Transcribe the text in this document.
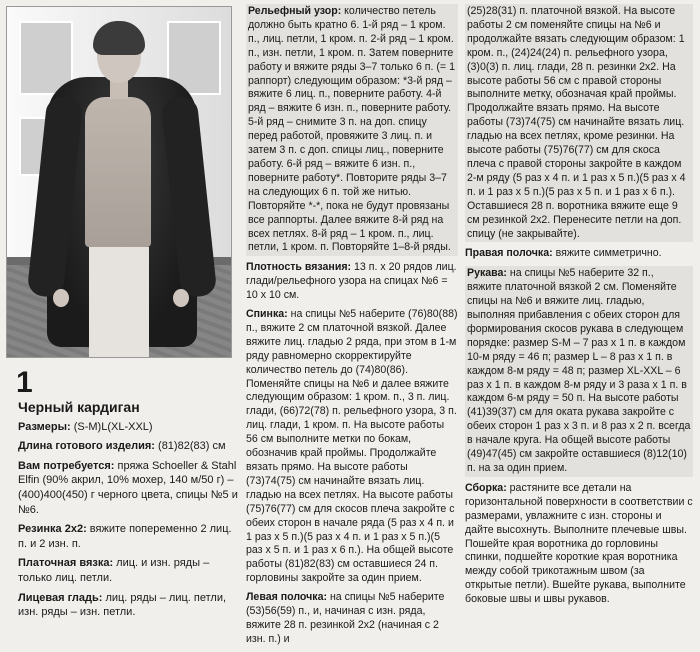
1
Черный кардиган
Размеры: (S-M)L(XL-XXL)
Длина готового изделия: (81)82(83) см
Вам потребуется: пряжа Schoeller & Stahl Elfin (90% акрил, 10% мохер, 140 м/50 г) – (400)400(450) г черного цвета, спицы №5 и №6.
Резинка 2х2: вяжите попеременно 2 лиц. п. и 2 изн. п.
Платочная вязка: лиц. и изн. ряды – только лиц. петли.
Лицевая гладь: лиц. ряды – лиц. петли, изн. ряды – изн. петли.
Рельефный узор: количество петель должно быть кратно 6. 1-й ряд – 1 кром. п., лиц. петли, 1 кром. п. 2-й ряд – 1 кром. п., изн. петли, 1 кром. п. Затем поверните работу и вяжите ряды 3–7 только 6 п. (= 1 раппорт) следующим образом: *3-й ряд – вяжите 6 лиц. п., поверните работу. 4-й ряд – вяжите 6 изн. п., поверните работу. 5-й ряд – снимите 3 п. на доп. спицу перед работой, провяжите 3 лиц. п. и затем 3 п. с доп. спицы лиц., поверните работу. 6-й ряд – вяжите 6 изн. п., поверните работу*. Повторите ряды 3–7 на следующих 6 п. той же нитью. Повторяйте *-*, пока не будут провязаны все раппорты. Далее вяжите 8-й ряд на всех петлях. 8-й ряд – 1 кром. п., лиц. петли, 1 кром. п. Повторяйте 1–8-й ряды.
Плотность вязания: 13 п. х 20 рядов лиц. глади/рельефного узора на спицах №6 = 10 х 10 см.
Спинка: на спицы №5 наберите (76)80(88) п., вяжите 2 см платочной вязкой. Далее вяжите лиц. гладью 2 ряда, при этом в 1-м ряду равномерно скорректируйте количество петель до (74)80(86). Поменяйте спицы на №6 и далее вяжите следующим образом: 1 кром. п., 3 п. лиц. глади, (66)72(78) п. рельефного узора, 3 п. лиц. глади, 1 кром. п. На высоте работы 56 см выполните метки по бокам, обозначив край проймы. Продолжайте вязать прямо. На высоте работы (73)74(75) см начинайте вязать лиц. гладью на всех петлях. На высоте работы (75)76(77) см для скосов плеча закройте с обеих сторон в начале ряда (5 раз х 4 п. и 1 раз х 5 п.)(5 раз х 4 п. и 1 раз х 5 п.)(5 раз х 5 п. и 1 раз х 6 п.). На общей высоте работы (81)82(83) см оставшиеся 24 п. горловины закройте за один прием.
Левая полочка: на спицы №5 наберите (53)56(59) п., и, начиная с изн. ряда, вяжите 28 п. резинкой 2х2 (начиная с 2 изн. п.) и
(25)28(31) п. платочной вязкой. На высоте работы 2 см поменяйте спицы на №6 и продолжайте вязать следующим образом: 1 кром. п., (24)24(24) п. рельефного узора, (3)0(3) п. лиц. глади, 28 п. резинки 2х2. На высоте работы 56 см с правой стороны выполните метку, обозначая край проймы. Продолжайте вязать прямо. На высоте работы (73)74(75) см начинайте вязать лиц. гладью на всех петлях, кроме резинки. На высоте работы (75)76(77) см для скоса плеча с правой стороны закройте в каждом 2-м ряду (5 раз х 4 п. и 1 раз х 5 п.)(5 раз х 4 п. и 1 раз х 5 п.)(5 раз х 5 п. и 1 раз х 6 п.). Оставшиеся 28 п. воротника вяжите еще 9 см резинкой 2х2. Перенесите петли на доп. спицу (не закрывайте).
Правая полочка: вяжите симметрично.
Рукава: на спицы №5 наберите 32 п., вяжите платочной вязкой 2 см. Поменяйте спицы на №6 и вяжите лиц. гладью, выполняя прибавления с обеих сторон для формирования скосов рукава в следующем порядке: размер S-M – 7 раз х 1 п. в каждом 10-м ряду = 46 п; размер L – 8 раз х 1 п. в каждом 8-м ряду = 48 п; размер XL-XXL – 6 раз х 1 п. в каждом 8-м ряду и 3 раза х 1 п. в каждом 6-м ряду = 50 п. На высоте работы (41)39(37) см для оката рукава закройте с обеих сторон 1 раз х 3 п. и 8 раз х 2 п. всегда в начале круга. На общей высоте работы (49)47(45) см закройте оставшиеся (8)12(10) п. на за один прием.
Сборка: растяните все детали на горизонтальной поверхности в соответствии с размерами, увлажните с изн. стороны и дайте высохнуть. Выполните плечевые швы. Пошейте края воротника до горловины спинки, подшейте короткие края воротника между собой трикотажным швом (за открытые петли). Вшейте рукава, выполните боковые швы и швы рукавов.
